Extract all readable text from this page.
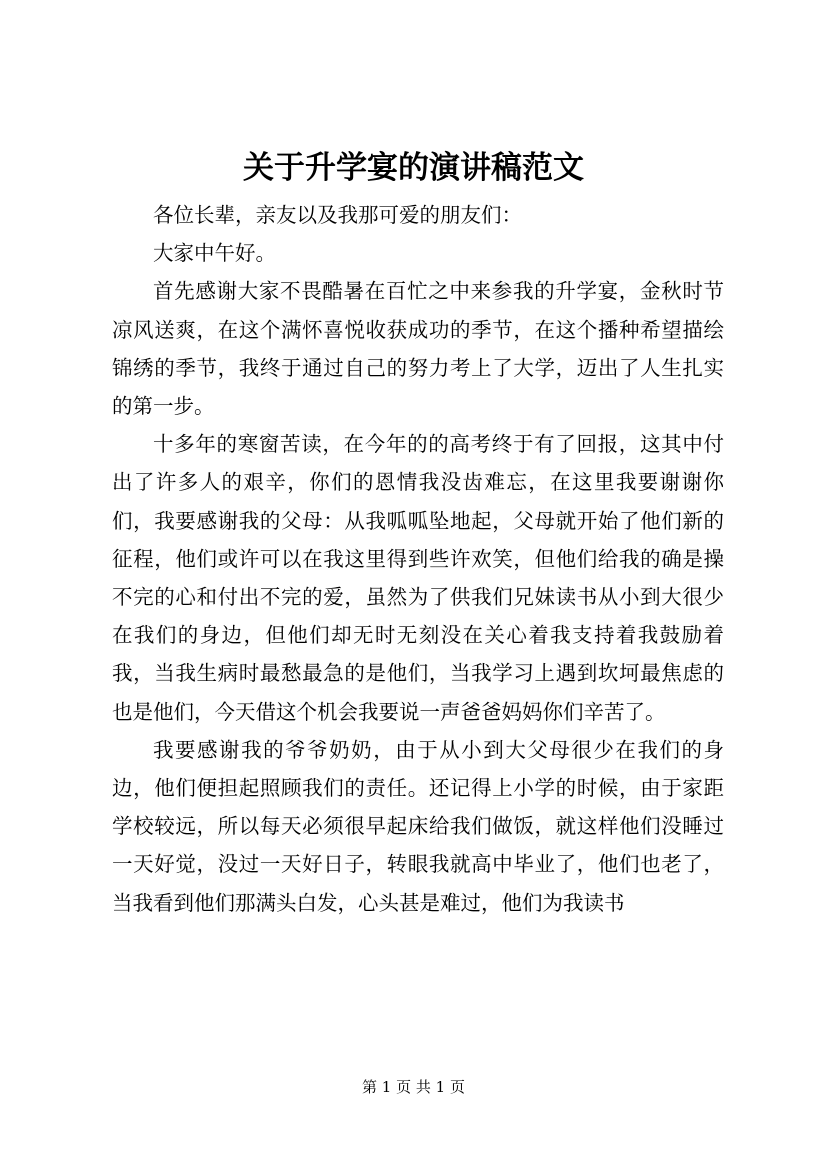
关于升学宴的演讲稿范文

各位长辈，亲友以及我那可爱的朋友们：

大家中午好。

首先感谢大家不畏酷暑在百忙之中来参我的升学宴，金秋时节凉风送爽，在这个满怀喜悦收获成功的季节，在这个播种希望描绘锦绣的季节，我终于通过自己的努力考上了大学，迈出了人生扎实的第一步。

十多年的寒窗苦读，在今年的的高考终于有了回报，这其中付出了许多人的艰辛，你们的恩情我没齿难忘，在这里我要谢谢你们，我要感谢我的父母：从我呱呱坠地起，父母就开始了他们新的征程，他们或许可以在我这里得到些许欢笑，但他们给我的确是操不完的心和付出不完的爱，虽然为了供我们兄妹读书从小到大很少在我们的身边，但他们却无时无刻没在关心着我支持着我鼓励着我，当我生病时最愁最急的是他们，当我学习上遇到坎坷最焦虑的也是他们，今天借这个机会我要说一声爸爸妈妈你们辛苦了。

我要感谢我的爷爷奶奶，由于从小到大父母很少在我们的身边，他们便担起照顾我们的责任。还记得上小学的时候，由于家距学校较远，所以每天必须很早起床给我们做饭，就这样他们没睡过一天好觉，没过一天好日子，转眼我就高中毕业了，他们也老了，当我看到他们那满头白发，心头甚是难过，他们为我读书

第 1 页 共 1 页
